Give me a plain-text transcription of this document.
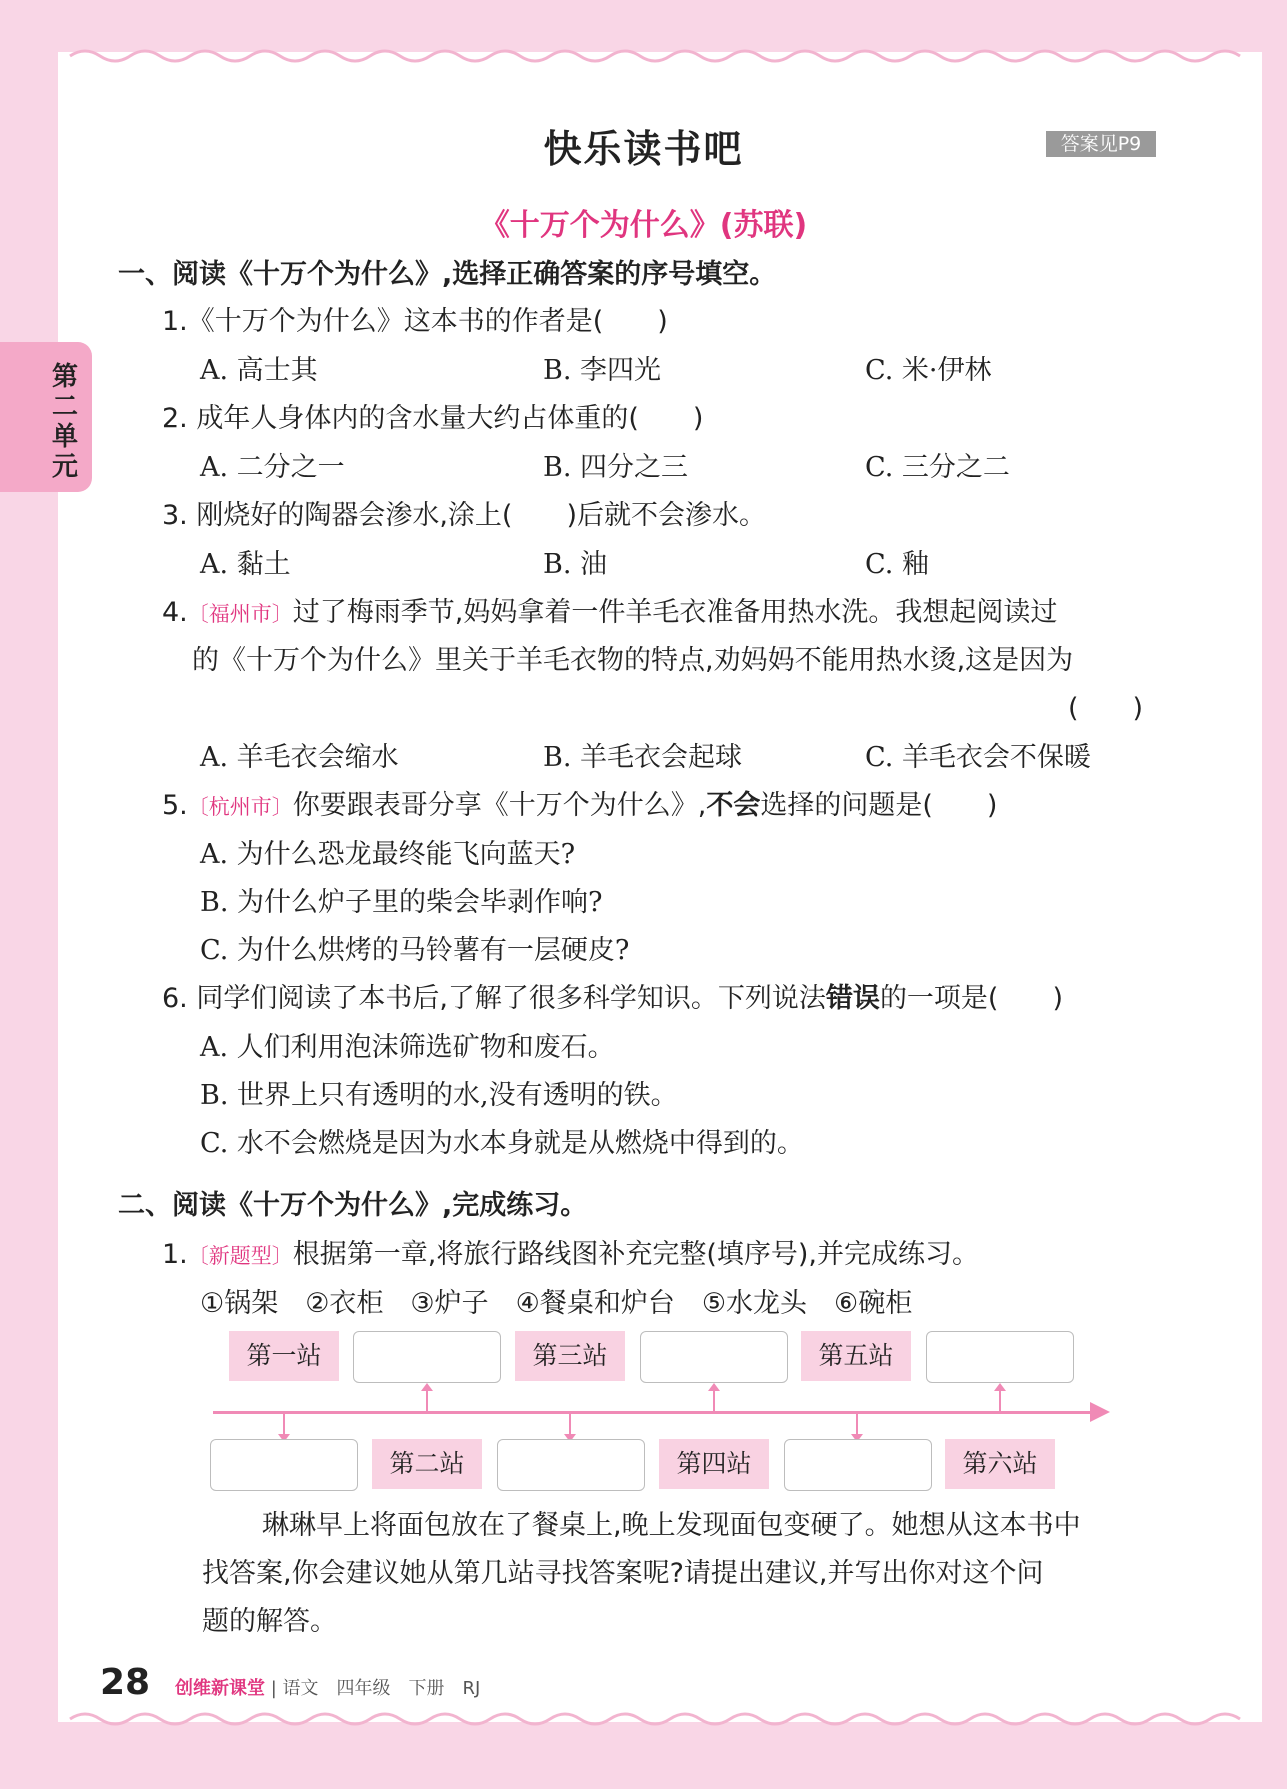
快乐读书吧	答案见P9
《十万个为什么》(苏联)
第二单元
一、阅读《十万个为什么》,选择正确答案的序号填空。
1.《十万个为什么》这本书的作者是(　　)
A. 高士其	B. 李四光	C. 米·伊林
2. 成年人身体内的含水量大约占体重的(　　)
A. 二分之一	B. 四分之三	C. 三分之二
3. 刚烧好的陶器会渗水,涂上(　　)后就不会渗水。
A. 黏土	B. 油	C. 釉
4.〔福州市〕过了梅雨季节,妈妈拿着一件羊毛衣准备用热水洗。我想起阅读过
的《十万个为什么》里关于羊毛衣物的特点,劝妈妈不能用热水烫,这是因为
(　　)
A. 羊毛衣会缩水	B. 羊毛衣会起球	C. 羊毛衣会不保暖
5.〔杭州市〕你要跟表哥分享《十万个为什么》,不会选择的问题是(　　)
A. 为什么恐龙最终能飞向蓝天?
B. 为什么炉子里的柴会毕剥作响?
C. 为什么烘烤的马铃薯有一层硬皮?
6. 同学们阅读了本书后,了解了很多科学知识。下列说法错误的一项是(　　)
A. 人们利用泡沫筛选矿物和废石。
B. 世界上只有透明的水,没有透明的铁。
C. 水不会燃烧是因为水本身就是从燃烧中得到的。
二、阅读《十万个为什么》,完成练习。
1.〔新题型〕根据第一章,将旅行路线图补充完整(填序号),并完成练习。
①锅架　②衣柜　③炉子　④餐桌和炉台　⑤水龙头　⑥碗柜
第一站	第三站	第五站
第二站	第四站	第六站
琳琳早上将面包放在了餐桌上,晚上发现面包变硬了。她想从这本书中
找答案,你会建议她从第几站寻找答案呢?请提出建议,并写出你对这个问
题的解答。
28 创维新课堂 | 语文　四年级　下册　RJ
